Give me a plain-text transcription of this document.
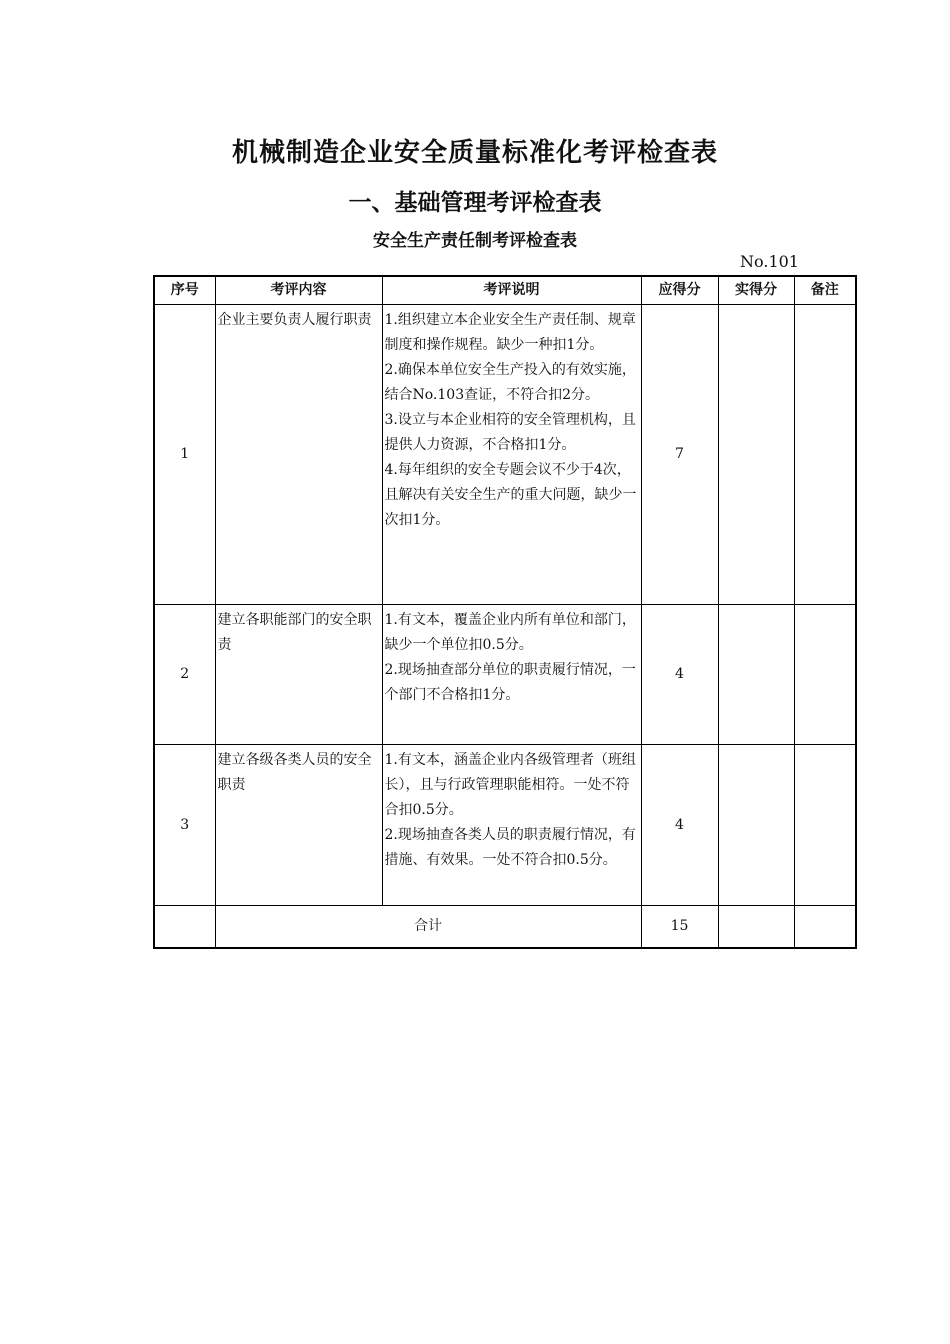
机械制造企业安全质量标准化考评检查表
一、基础管理考评检查表
安全生产责任制考评检查表
No.101
序号	考评内容	考评说明	应得分	实得分	备注
1	企业主要负责人履行职责	1.组织建立本企业安全生产责任制、规章制度和操作规程。缺少一种扣1分。
2.确保本单位安全生产投入的有效实施，结合No.103查证，不符合扣2分。
3.设立与本企业相符的安全管理机构，且提供人力资源，不合格扣1分。
4.每年组织的安全专题会议不少于4次，且解决有关安全生产的重大问题，缺少一次扣1分。	7		
2	建立各职能部门的安全职责	1.有文本，覆盖企业内所有单位和部门，缺少一个单位扣0.5分。
2.现场抽查部分单位的职责履行情况，一个部门不合格扣1分。	4		
3	建立各级各类人员的安全职责	1.有文本，涵盖企业内各级管理者（班组长），且与行政管理职能相符。一处不符合扣0.5分。
2.现场抽查各类人员的职责履行情况，有措施、有效果。一处不符合扣0.5分。	4		
	合计		15		
